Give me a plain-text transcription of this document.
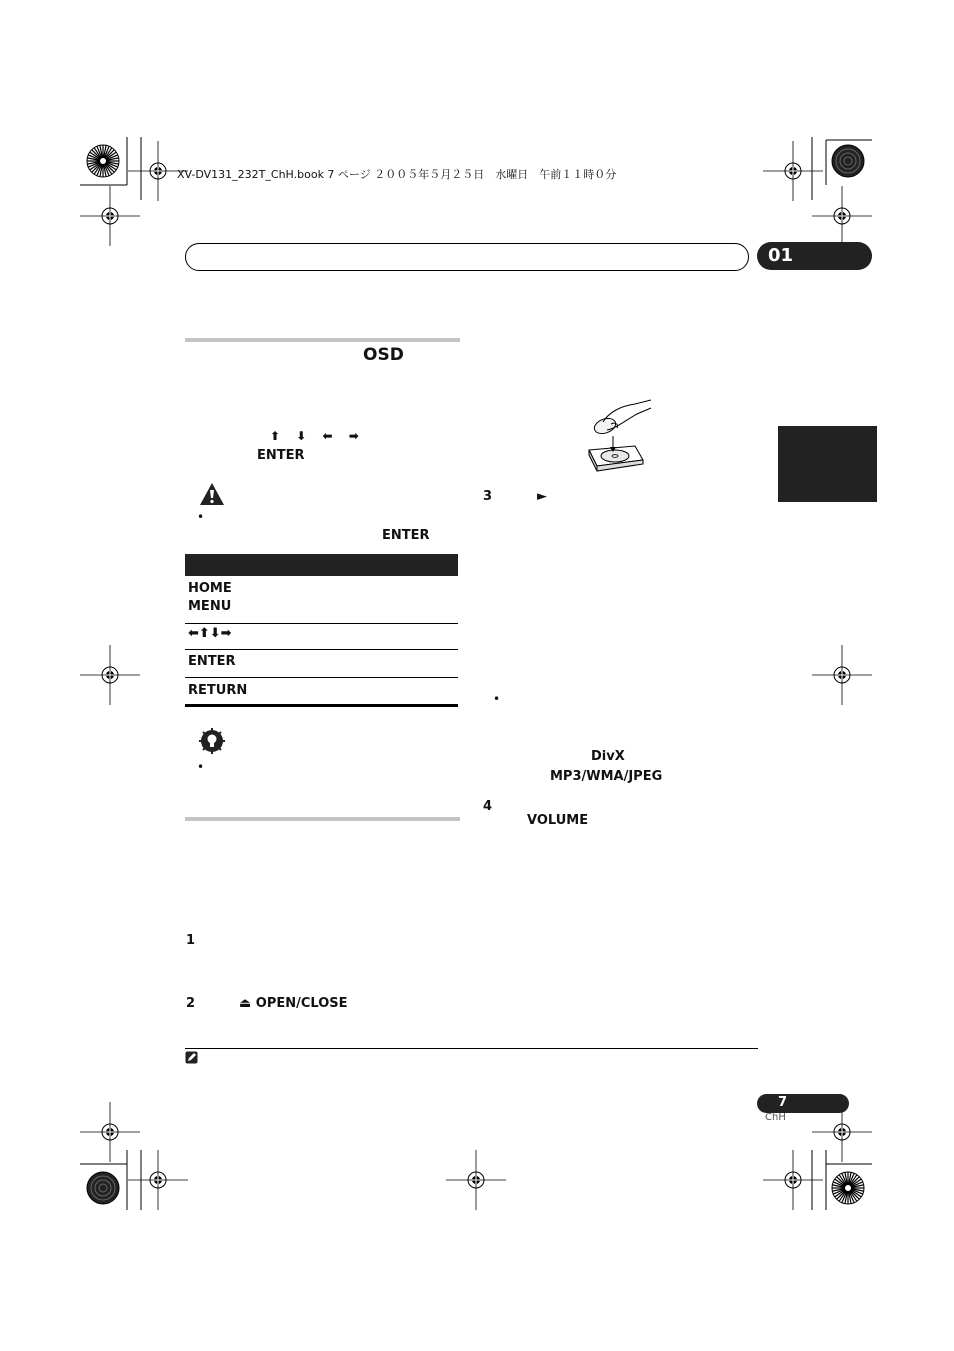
XV-DV131_232T_ChH.book 7 ページ ２００５年５月２５日　水曜日　午前１１時０分
01
OSD
⬆ ⬇ ⬅ ➡
ENTER
•
ENTER
HOME
MENU
⬅⬆⬇➡
ENTER
RETURN
•
1
2	⏏ OPEN/CLOSE
3	►
•
DivX
MP3/WMA/JPEG
4
VOLUME
7
ChH
